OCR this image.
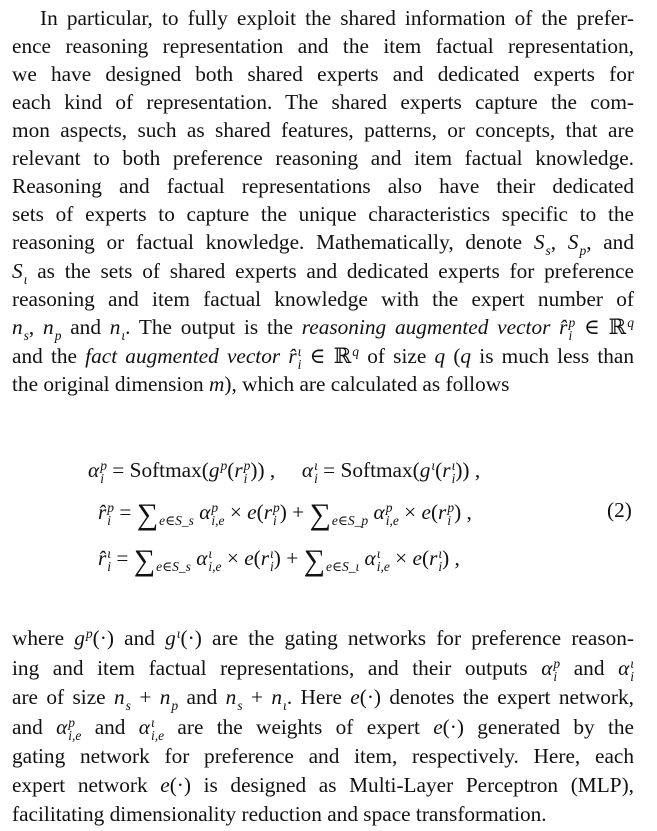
In particular, to fully exploit the shared information of the prefer-
ence reasoning representation and the item factual representation,
we have designed both shared experts and dedicated experts for
each kind of representation. The shared experts capture the com-
mon aspects, such as shared features, patterns, or concepts, that are
relevant to both preference reasoning and item factual knowledge.
Reasoning and factual representations also have their dedicated
sets of experts to capture the unique characteristics specific to the
reasoning or factual knowledge. Mathematically, denote S s , S p , and
S ι as the sets of shared experts and dedicated experts for preference
reasoning and item factual knowledge with the expert number of
n s , n p and n ι . The output is the reasoning augmented vector r̂ p
i ∈ ℝ q
and the fact augmented vector r̂ ι
i ∈ ℝ q of size q (q is much less than
the original dimension m), which are calculated as follows
α p
i = Softmax(g p (r p
i )) ,     α ι
i = Softmax(g ι (r ι
i )) ,
r̂ p
i = ∑ e∈S_s α p
i,e × e(r p
i ) + ∑ e∈S_p α p
i,e × e(r p
i ) ,
r̂ ι
i = ∑ e∈S_s α ι
i,e × e(r ι
i ) + ∑ e∈S_ι α ι
i,e × e(r ι
i ) ,
(2)
where g p (·) and g ι (·) are the gating networks for preference reason-
ing and item factual representations, and their outputs α p
i and α ι
i
are of size n s + n p and n s + n ι . Here e(·) denotes the expert network,
and α p
i,e and α ι
i,e are the weights of expert e(·) generated by the
gating network for preference and item, respectively. Here, each
expert network e(·) is designed as Multi-Layer Perceptron (MLP),
facilitating dimensionality reduction and space transformation.
